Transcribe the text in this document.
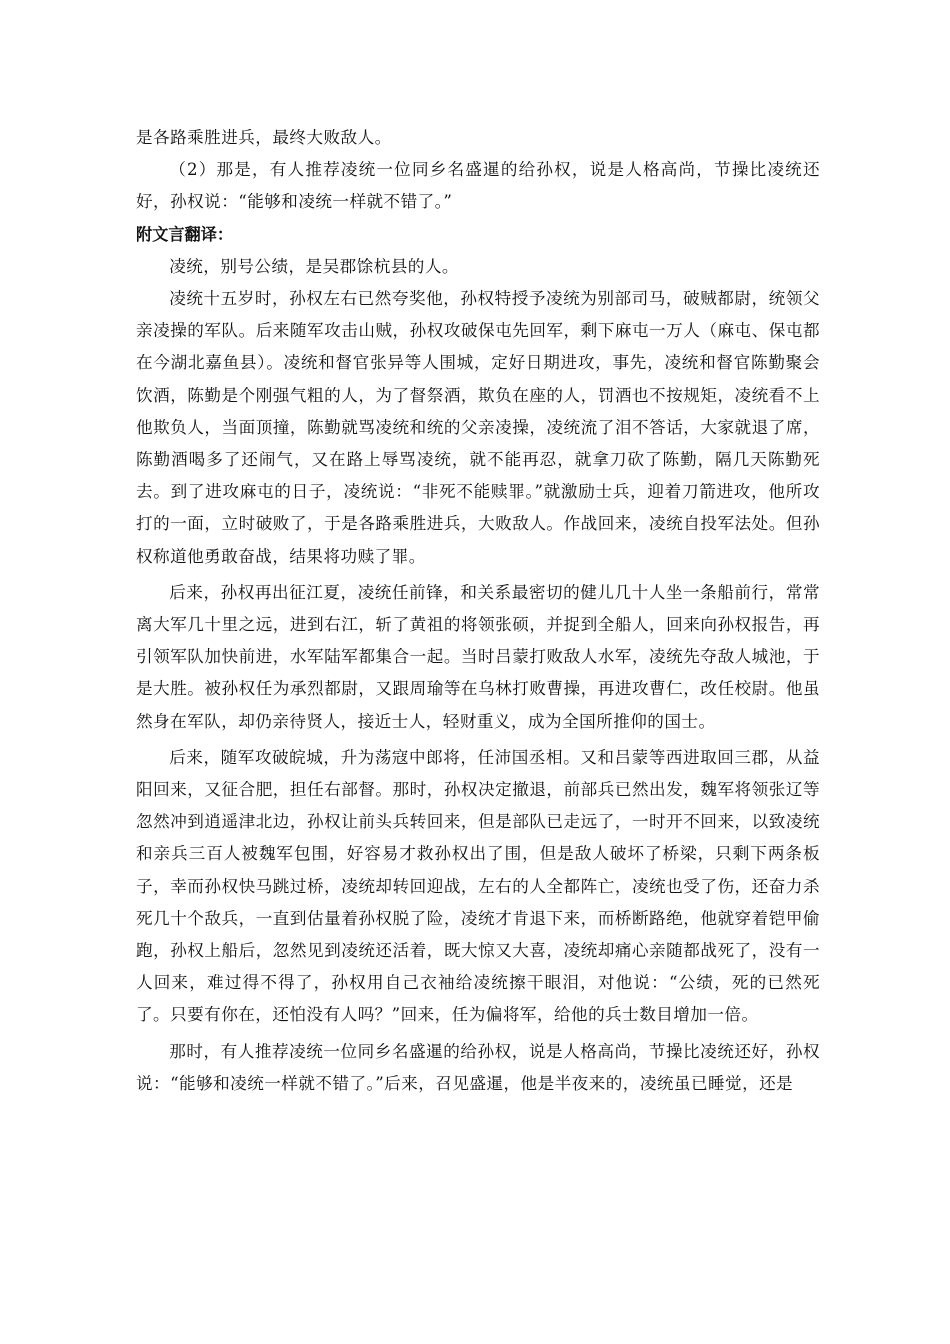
是各路乘胜进兵，最终大败敌人。

（2）那是，有人推荐凌统一位同乡名盛暹的给孙权，说是人格高尚，节操比凌统还好，孙权说：“能够和凌统一样就不错了。”

附文言翻译：

凌统，别号公绩，是吴郡馀杭县的人。

凌统十五岁时，孙权左右已然夸奖他，孙权特授予凌统为别部司马，破贼都尉，统领父亲凌操的军队。后来随军攻击山贼，孙权攻破保屯先回军，剩下麻屯一万人（麻屯、保屯都在今湖北嘉鱼县）。凌统和督官张异等人围城，定好日期进攻，事先，凌统和督官陈勤聚会饮酒，陈勤是个刚强气粗的人，为了督祭酒，欺负在座的人，罚酒也不按规矩，凌统看不上他欺负人，当面顶撞，陈勤就骂凌统和统的父亲凌操，凌统流了泪不答话，大家就退了席，陈勤酒喝多了还闹气，又在路上辱骂凌统，就不能再忍，就拿刀砍了陈勤，隔几天陈勤死去。到了进攻麻屯的日子，凌统说：“非死不能赎罪。”就激励士兵，迎着刀箭进攻，他所攻打的一面，立时破败了，于是各路乘胜进兵，大败敌人。作战回来，凌统自投军法处。但孙权称道他勇敢奋战，结果将功赎了罪。

后来，孙权再出征江夏，凌统任前锋，和关系最密切的健儿几十人坐一条船前行，常常离大军几十里之远，进到右江，斩了黄祖的将领张硕，并捉到全船人，回来向孙权报告，再引领军队加快前进，水军陆军都集合一起。当时吕蒙打败敌人水军，凌统先夺敌人城池，于是大胜。被孙权任为承烈都尉，又跟周瑜等在乌林打败曹操，再进攻曹仁，改任校尉。他虽然身在军队，却仍亲待贤人，接近士人，轻财重义，成为全国所推仰的国士。

后来，随军攻破皖城，升为荡寇中郎将，任沛国丞相。又和吕蒙等西进取回三郡，从益阳回来，又征合肥，担任右部督。那时，孙权决定撤退，前部兵已然出发，魏军将领张辽等忽然冲到逍遥津北边，孙权让前头兵转回来，但是部队已走远了，一时开不回来，以致凌统和亲兵三百人被魏军包围，好容易才救孙权出了围，但是敌人破坏了桥梁，只剩下两条板子，幸而孙权快马跳过桥，凌统却转回迎战，左右的人全都阵亡，凌统也受了伤，还奋力杀死几十个敌兵，一直到估量着孙权脱了险，凌统才肯退下来，而桥断路绝，他就穿着铠甲偷跑，孙权上船后，忽然见到凌统还活着，既大惊又大喜，凌统却痛心亲随都战死了，没有一人回来，难过得不得了，孙权用自己衣袖给凌统擦干眼泪，对他说：“公绩，死的已然死了。只要有你在，还怕没有人吗？”回来，任为偏将军，给他的兵士数目增加一倍。

那时，有人推荐凌统一位同乡名盛暹的给孙权，说是人格高尚，节操比凌统还好，孙权说：“能够和凌统一样就不错了。”后来，召见盛暹，他是半夜来的，凌统虽已睡觉，还是
